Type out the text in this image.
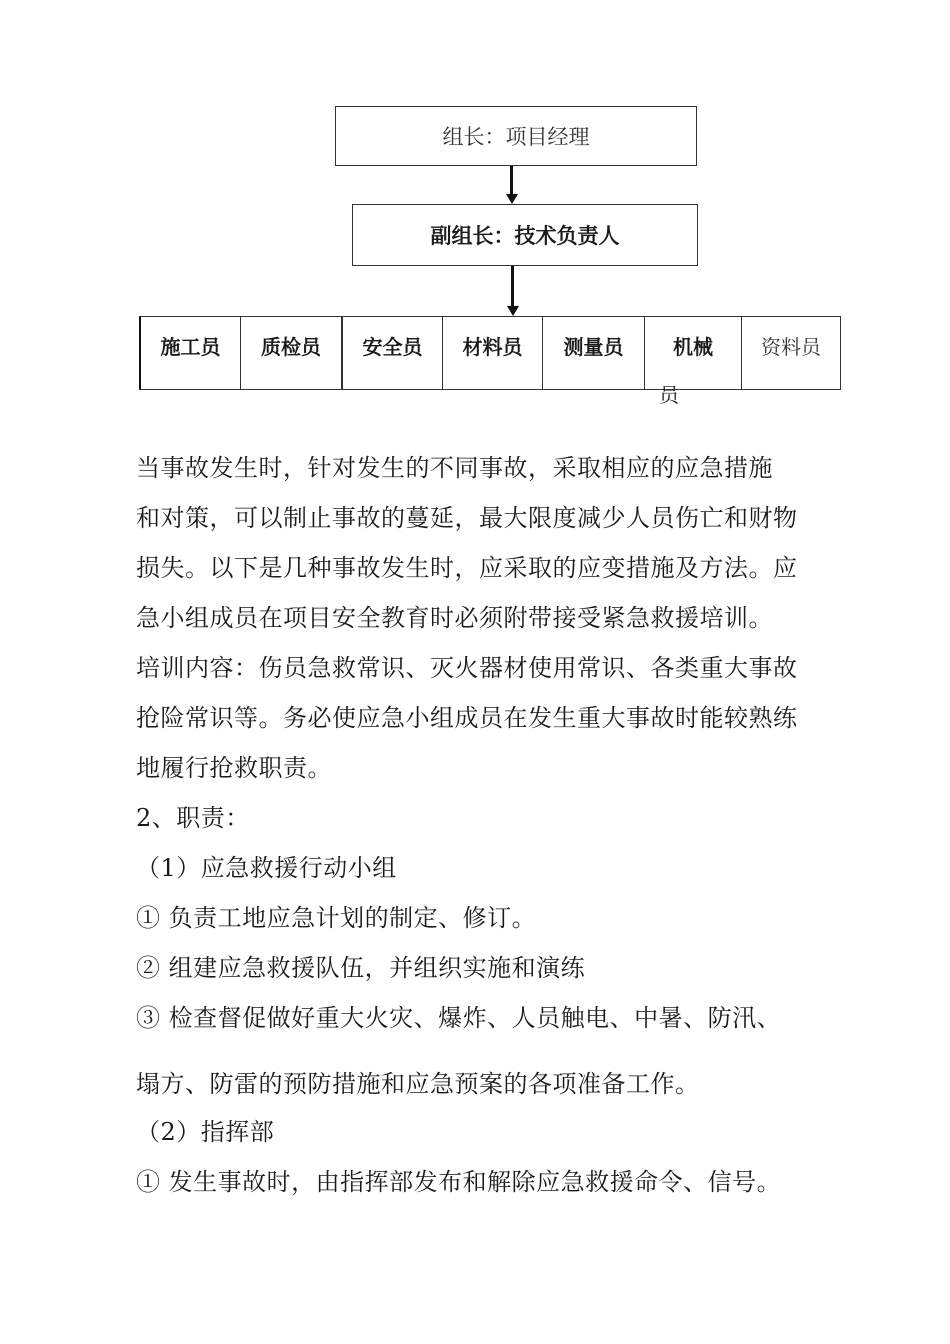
组长：项目经理
副组长：技术负责人
施工员	质检员	安全员	材料员	测量员	机械
员
资料员
当事故发生时，针对发生的不同事故，采取相应的应急措施
和对策，可以制止事故的蔓延，最大限度减少人员伤亡和财物
损失。以下是几种事故发生时，应采取的应变措施及方法。应
急小组成员在项目安全教育时必须附带接受紧急救援培训。
培训内容：伤员急救常识、灭火器材使用常识、各类重大事故
抢险常识等。务必使应急小组成员在发生重大事故时能较熟练
地履行抢救职责。
2、职责：
（1）应急救援行动小组
① 负责工地应急计划的制定、修订。
② 组建应急救援队伍，并组织实施和演练
③ 检查督促做好重大火灾、爆炸、人员触电、中暑、防汛、
塌方、防雷的预防措施和应急预案的各项准备工作。
（2）指挥部
① 发生事故时，由指挥部发布和解除应急救援命令、信号。
